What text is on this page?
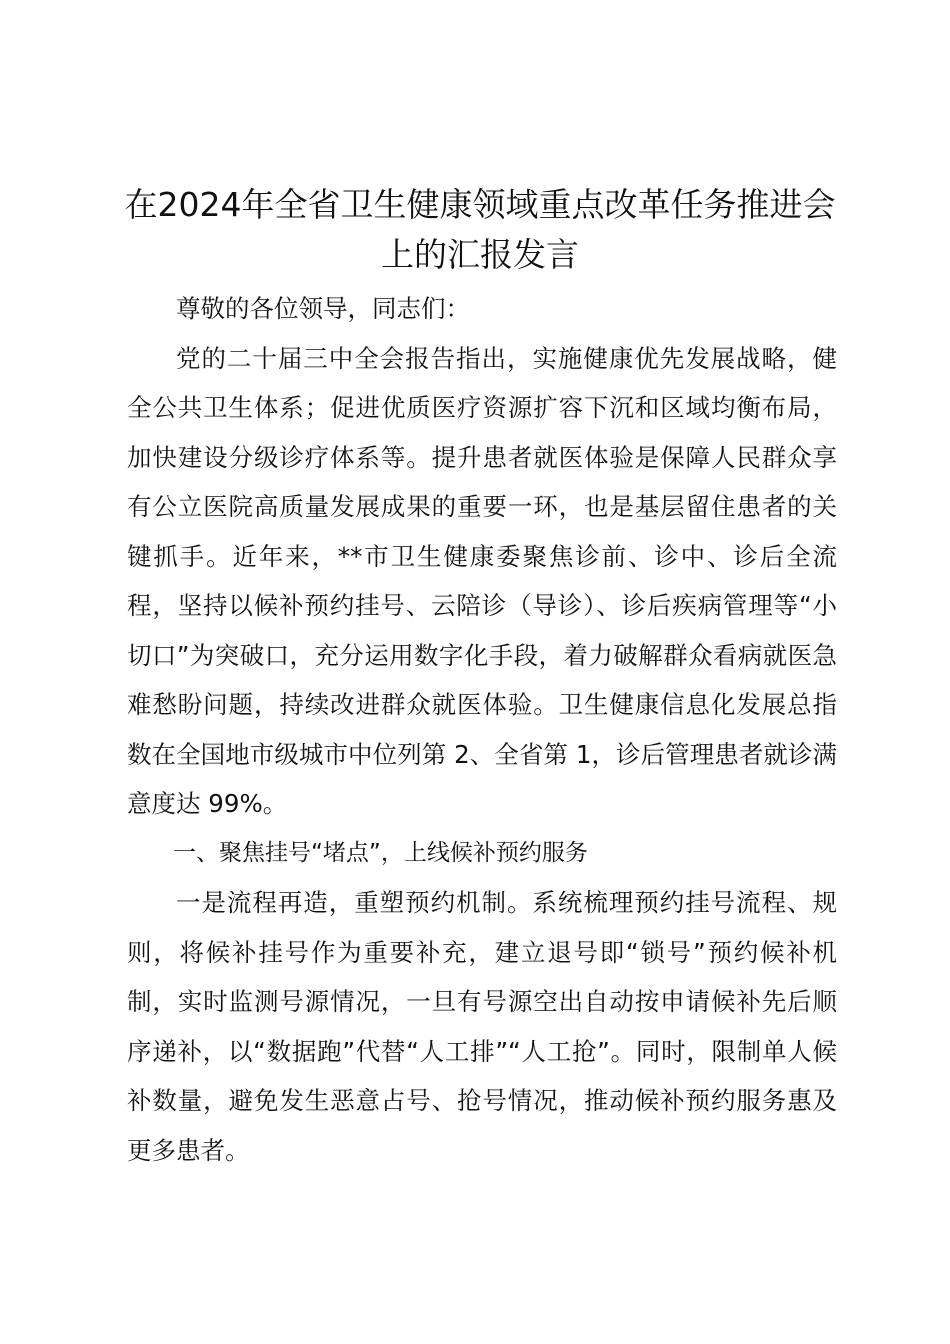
在2024年全省卫生健康领域重点改革任务推进会上的汇报发言

尊敬的各位领导，同志们：

党的二十届三中全会报告指出，实施健康优先发展战略，健全公共卫生体系；促进优质医疗资源扩容下沉和区域均衡布局，加快建设分级诊疗体系等。提升患者就医体验是保障人民群众享有公立医院高质量发展成果的重要一环，也是基层留住患者的关键抓手。近年来，**市卫生健康委聚焦诊前、诊中、诊后全流程，坚持以候补预约挂号、云陪诊（导诊）、诊后疾病管理等“小切口”为突破口，充分运用数字化手段，着力破解群众看病就医急难愁盼问题，持续改进群众就医体验。卫生健康信息化发展总指数在全国地市级城市中位列第 2、全省第 1，诊后管理患者就诊满意度达 99%。

一、聚焦挂号“堵点”，上线候补预约服务

一是流程再造，重塑预约机制。系统梳理预约挂号流程、规则，将候补挂号作为重要补充，建立退号即“锁号”预约候补机制，实时监测号源情况，一旦有号源空出自动按申请候补先后顺序递补，以“数据跑”代替“人工排”“人工抢”。同时，限制单人候补数量，避免发生恶意占号、抢号情况，推动候补预约服务惠及更多患者。
